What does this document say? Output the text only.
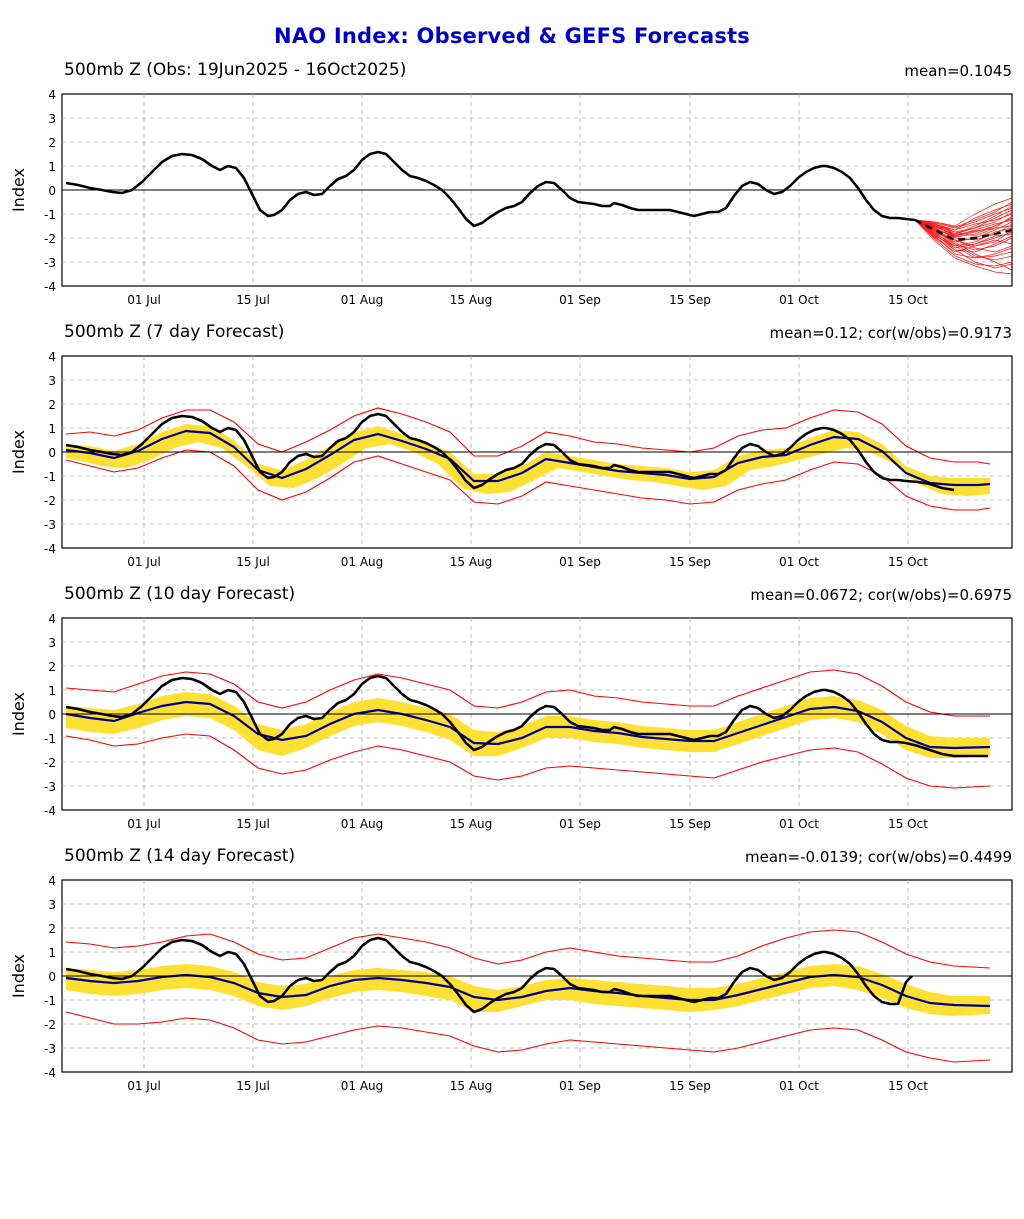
NAO Index: Observed & GEFS Forecasts
500mb Z (Obs: 19Jun2025 - 16Oct2025)	mean=0.1045
4
3
2
1
0
-1
-2
-3
-4
01 Jul	15 Jul	01 Aug	15 Aug	01 Sep	15 Sep	01 Oct	15 Oct
Index
500mb Z (7 day Forecast)	mean=0.12; cor(w/obs)=0.9173
4
3
2
1
0
-1
-2
-3
-4
01 Jul	15 Jul	01 Aug	15 Aug	01 Sep	15 Sep	01 Oct	15 Oct
Index
500mb Z (10 day Forecast)	mean=0.0672; cor(w/obs)=0.6975
4
3
2
1
0
-1
-2
-3
-4
01 Jul	15 Jul	01 Aug	15 Aug	01 Sep	15 Sep	01 Oct	15 Oct
Index
500mb Z (14 day Forecast)	mean=-0.0139; cor(w/obs)=0.4499
4
3
2
1
0
-1
-2
-3
-4
01 Jul	15 Jul	01 Aug	15 Aug	01 Sep	15 Sep	01 Oct	15 Oct
Index
